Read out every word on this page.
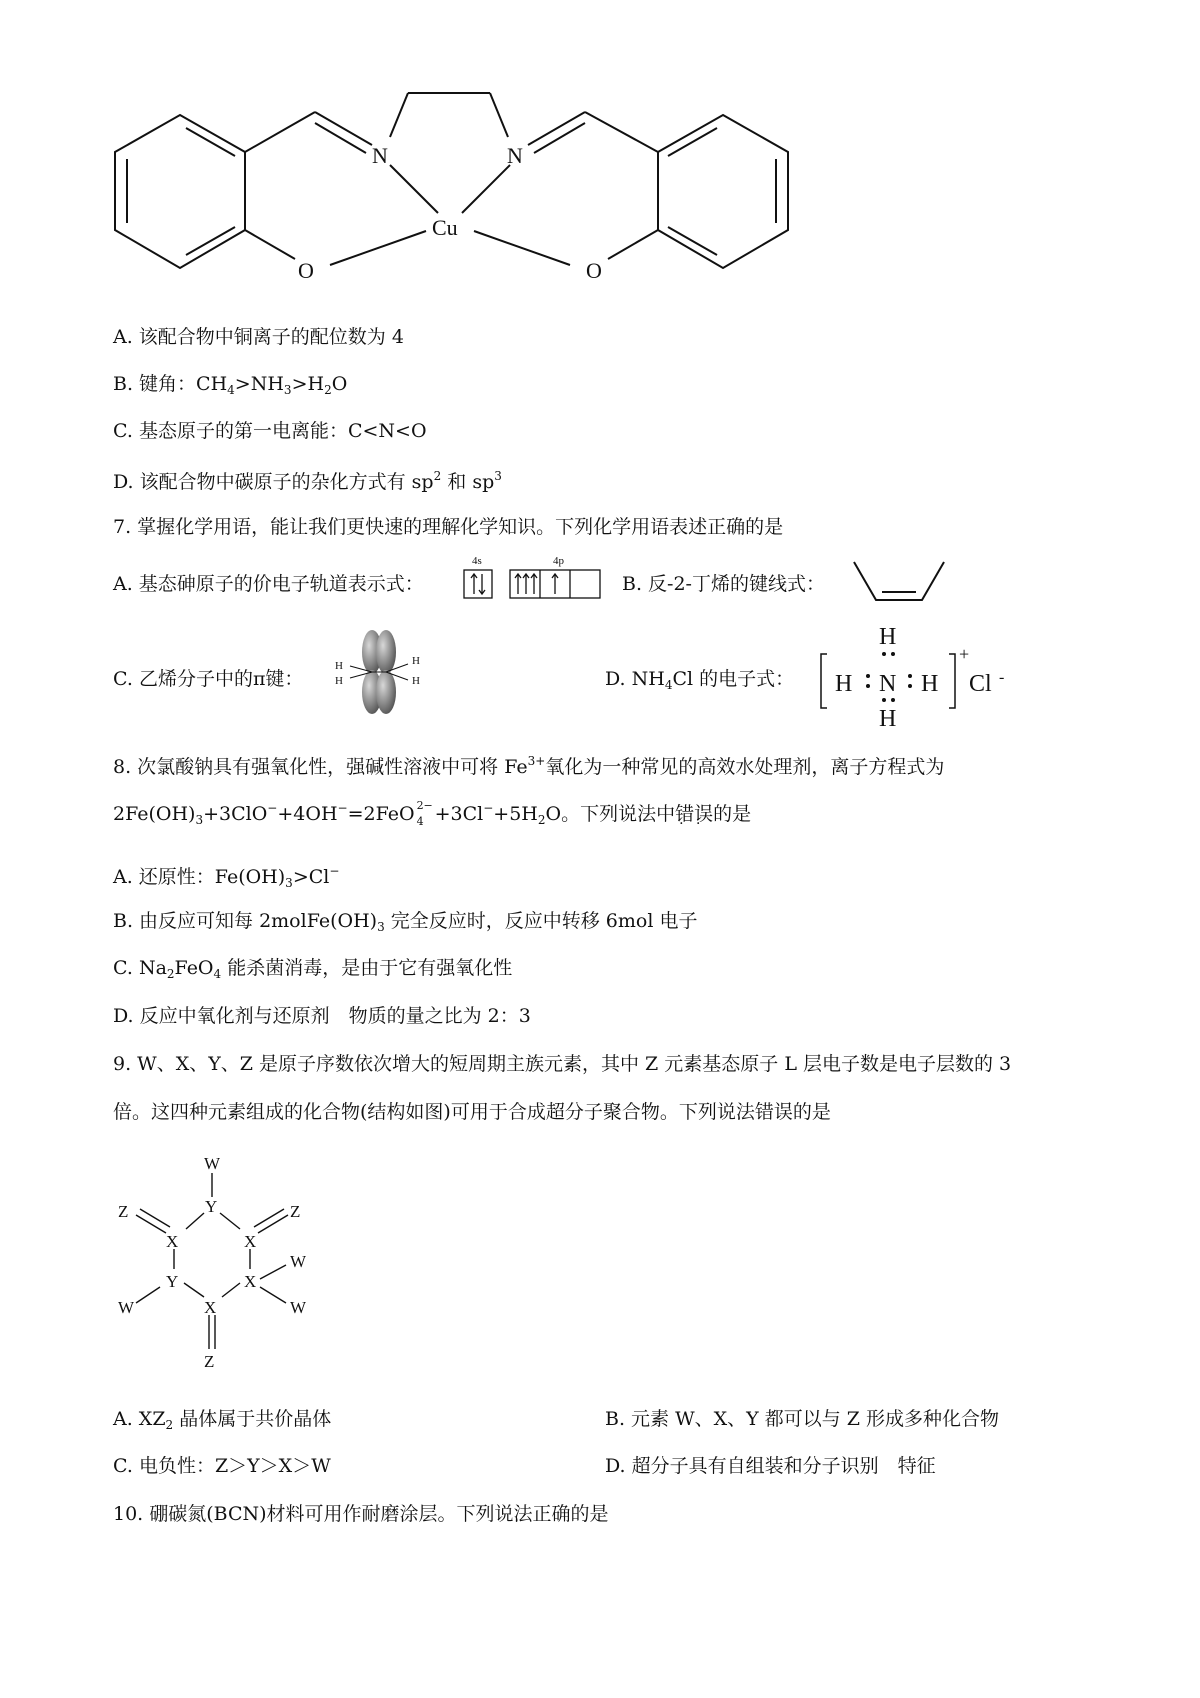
N	N
Cu
O	O
A. 该配合物中铜离子的配位数为 4
B. 键角：$CH_4>NH_3>H_2O$
C. 基态原子的第一电离能：C<N<O
D. 该配合物中碳原子的杂化方式有 $sp^2$ 和 $sp^3$
7. 掌握化学用语，能让我们更快速的理解化学知识。下列化学用语表述正确的是
A. 基态砷原子的价电子轨道表示式：
4s	4p
B. 反-2-丁烯的键线式：
C. 乙烯分子中的π键：
H
H
H
H	D. $NH_4Cl$ 的电子式：
H
H N H
H
+
Cl -
8. 次氯酸钠具有强氧化性，强碱性溶液中可将 $Fe^{3+}$氧化为一种常见的高效水处理剂，离子方程式为
$2Fe(OH)_3+3ClO^-+4OH^-=2FeO$ 2−
$4 +3Cl^-+5H_2O$。下列说法中错误 · ·的是
A. 还原性：$Fe(OH)_3>Cl^-$
B. 由反应可知每 $2molFe(OH)_3$ 完全反应时，反应中转移 6mol 电子
C. $Na_2FeO_4$ 能杀菌消毒，是由于它有强氧化性
D. 反应中氧化剂与还原剂　物质的量之比为 2：3
9. W、X、Y、Z 是原子序数依次增大的短周期主族元素，其中 Z 元素基态原子 L 层电子数是电子层数的 3
倍。这四种元素组成的化合物(结构如图)可用于合成超分子聚合物。下列说法错误的是
W
Y
Z	Z
X	X
Y	X
W
W	X	W
Z
A. $XZ_2$ 晶体属于共价晶体	B. 元素 W、X、Y 都可以与 Z 形成多种化合物
C. 电负性：Z＞Y＞X＞W	D. 超分子具有自组装和分子识别　特征
10. 硼碳氮(BCN)材料可用作耐磨涂层。下列说法正确的是
